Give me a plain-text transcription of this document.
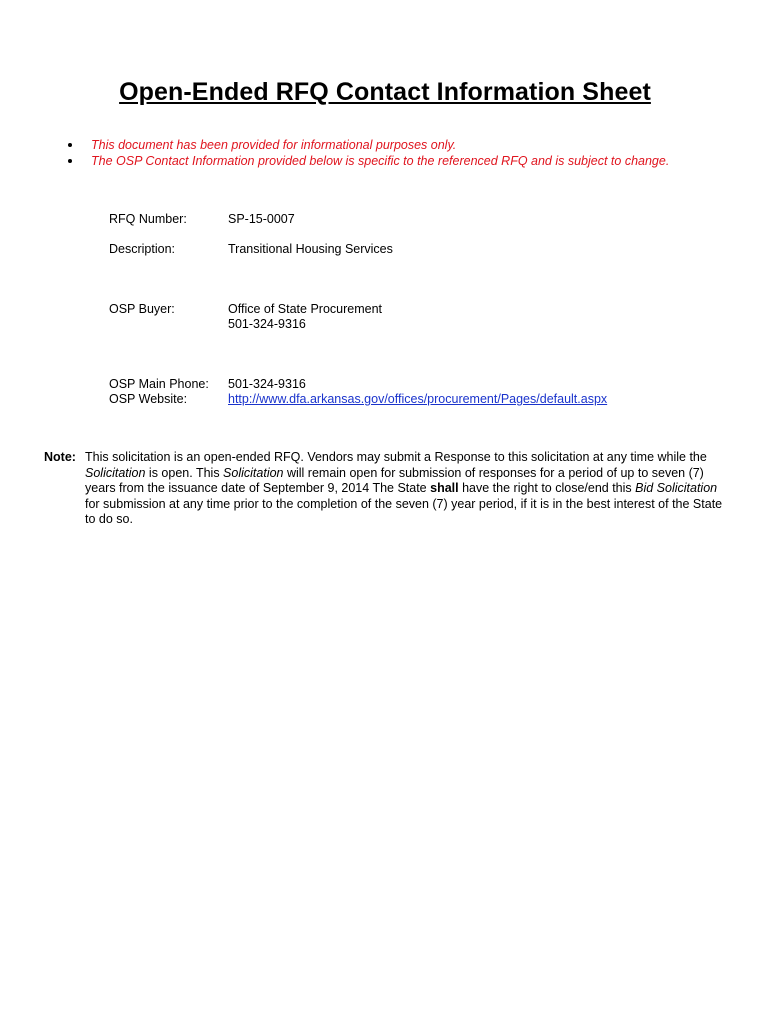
Open-Ended RFQ Contact Information Sheet
This document has been provided for informational purposes only.
The OSP Contact Information provided below is specific to the referenced RFQ and is subject to change.
RFQ Number:	SP-15-0007
Description:	Transitional Housing Services
OSP Buyer:	Office of State Procurement
501-324-9316
OSP Main Phone: 501-324-9316
OSP Website:	http://www.dfa.arkansas.gov/offices/procurement/Pages/default.aspx
Note: This solicitation is an open-ended RFQ. Vendors may submit a Response to this solicitation at any time while the Solicitation is open. This Solicitation will remain open for submission of responses for a period of up to seven (7) years from the issuance date of September 9, 2014 The State shall have the right to close/end this Bid Solicitation for submission at any time prior to the completion of the seven (7) year period, if it is in the best interest of the State to do so.
